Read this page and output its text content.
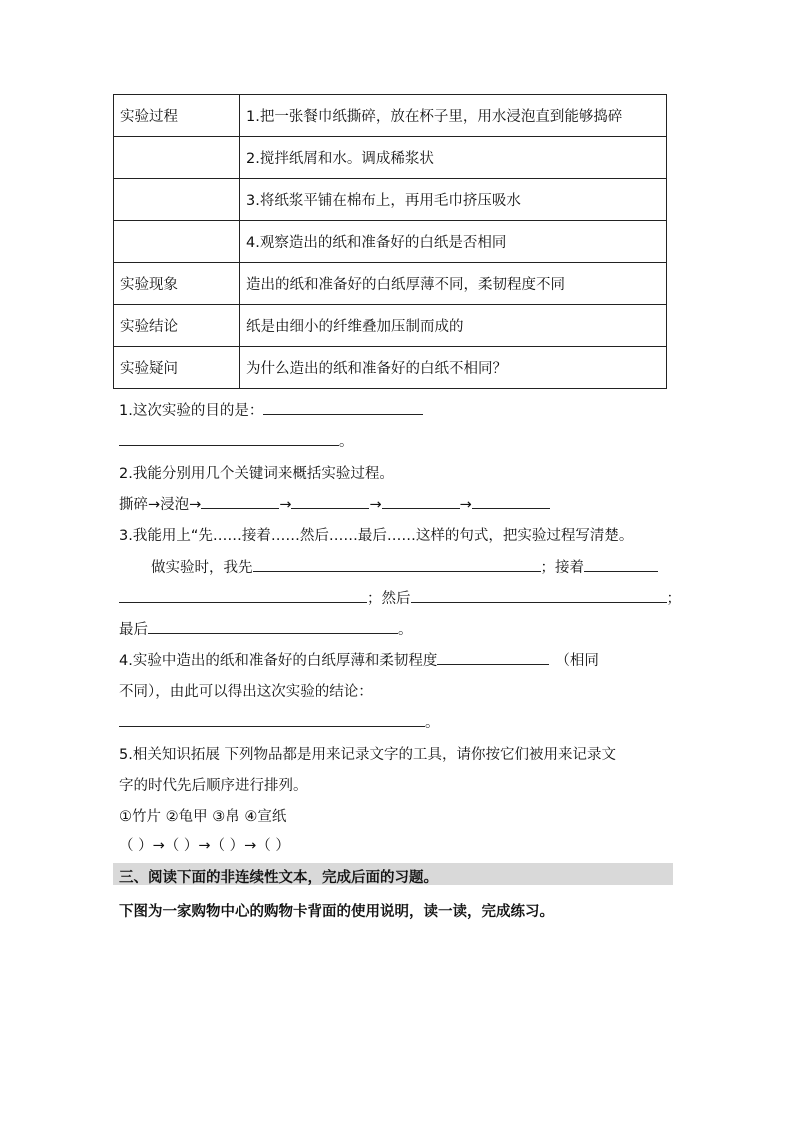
实验过程	1.把一张餐巾纸撕碎，放在杯子里，用水浸泡直到能够捣碎
	2.搅拌纸屑和水。调成稀浆状
	3.将纸浆平铺在棉布上，再用毛巾挤压吸水
	4.观察造出的纸和准备好的白纸是否相同
实验现象	造出的纸和准备好的白纸厚薄不同，柔韧程度不同
实验结论	纸是由细小的纤维叠加压制而成的
实验疑问	为什么造出的纸和准备好的白纸不相同？
1.这次实验的目的是：
。
2.我能分别用几个关键词来概括实验过程。
撕碎→浸泡→	→	→	→
3.我能用上“先……接着……然后……最后……这样的句式，把实验过程写清楚。
做实验时，我先	；接着
；然后	；
最后	。
4.实验中造出的纸和准备好的白纸厚薄和柔韧程度	（相同
不同），由此可以得出这次实验的结论：
。
5.相关知识拓展 下列物品都是用来记录文字的工具，请你按它们被用来记录文
字的时代先后顺序进行排列。
①竹片 ②龟甲 ③帛 ④宣纸
（ ）→（ ）→（ ）→（ ）
三、阅读下面的非连续性文本，完成后面的习题。
下图为一家购物中心的购物卡背面的使用说明，读一读，完成练习。
